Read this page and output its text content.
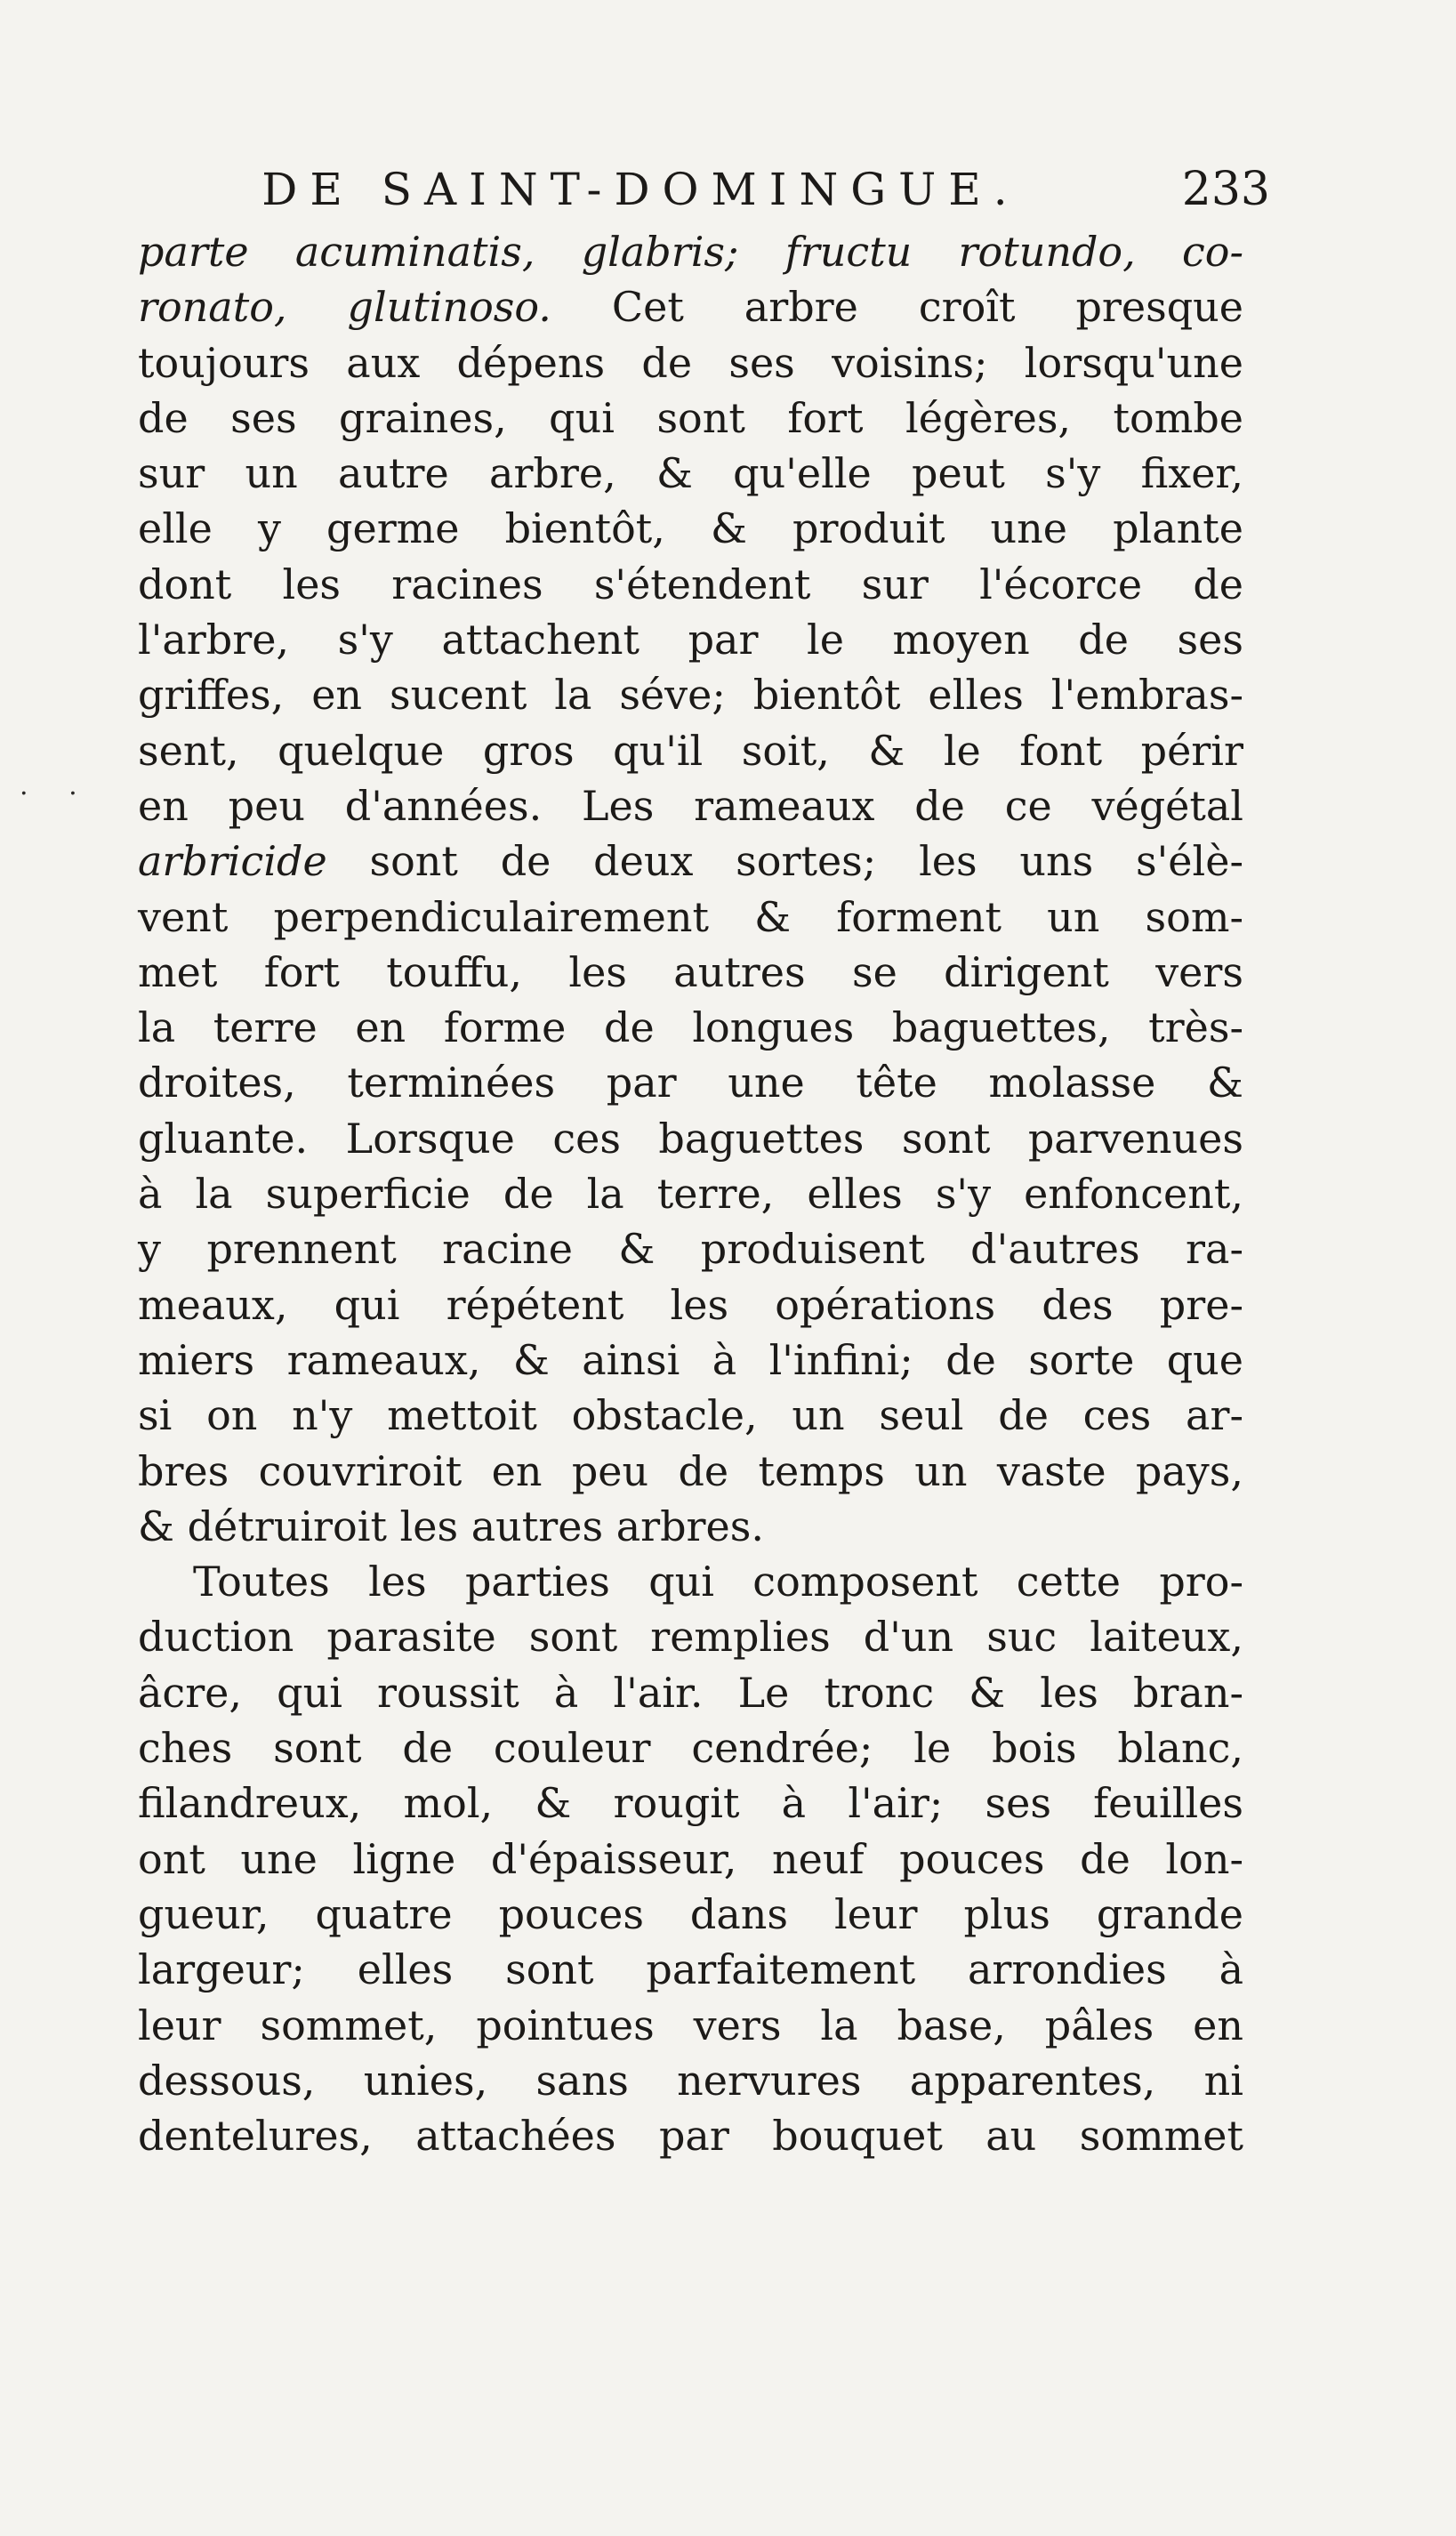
DE SAINT-DOMINGUE.	233
. .
parte acuminatis, glabris; fructu rotundo, co-
ronato, glutinoso. Cet arbre croît presque
toujours aux dépens de ses voisins; lorsqu'une
de ses graines, qui sont fort légères, tombe
sur un autre arbre, & qu'elle peut s'y fixer,
elle y germe bientôt, & produit une plante
dont les racines s'étendent sur l'écorce de
l'arbre, s'y attachent par le moyen de ses
griffes, en sucent la séve; bientôt elles l'embras-
sent, quelque gros qu'il soit, & le font périr
en peu d'années. Les rameaux de ce végétal
arbricide sont de deux sortes; les uns s'élè-
vent perpendiculairement & forment un som-
met fort touffu, les autres se dirigent vers
la terre en forme de longues baguettes, très-
droites, terminées par une tête molasse &
gluante. Lorsque ces baguettes sont parvenues
à la superficie de la terre, elles s'y enfoncent,
y prennent racine & produisent d'autres ra-
meaux, qui répétent les opérations des pre-
miers rameaux, & ainsi à l'infini; de sorte que
si on n'y mettoit obstacle, un seul de ces ar-
bres couvriroit en peu de temps un vaste pays,
& détruiroit les autres arbres.
Toutes les parties qui composent cette pro-
duction parasite sont remplies d'un suc laiteux,
âcre, qui roussit à l'air. Le tronc & les bran-
ches sont de couleur cendrée; le bois blanc,
filandreux, mol, & rougit à l'air; ses feuilles
ont une ligne d'épaisseur, neuf pouces de lon-
gueur, quatre pouces dans leur plus grande
largeur; elles sont parfaitement arrondies à
leur sommet, pointues vers la base, pâles en
dessous, unies, sans nervures apparentes, ni
dentelures, attachées par bouquet au sommet
